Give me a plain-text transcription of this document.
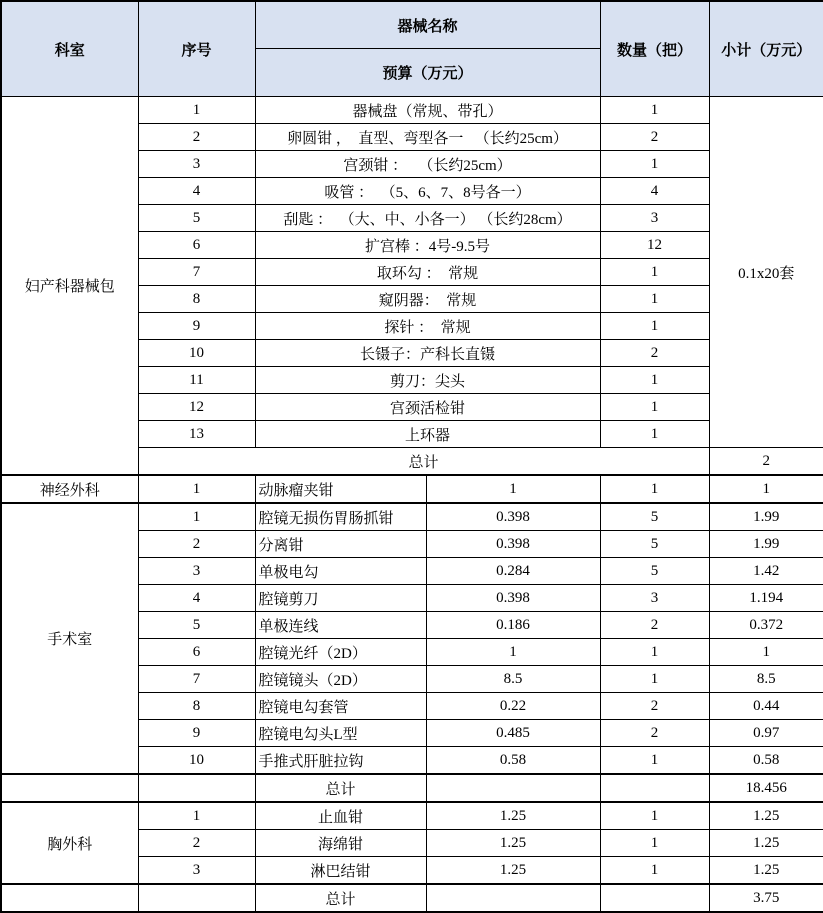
科室	序号	器械名称		数量（把）	小计（万元）
		预算（万元）			
妇产科器械包	1	器械盘（常规、带孔）		1	0.1x20套
	2	卵圆钳 ，  直型、弯型各一   （长约25cm）		2	
	3	宫颈钳 ：   （长约25cm）		1	
	4	吸管 ：  （5、6、7、8号各一）		4	
	5	刮匙 ：  （大、中、小各一） （长约28cm）		3	
	6	扩宫棒 ：4号-9.5号		12	
	7	取环勾 ：  常规		1	
	8	窥阴器：  常规		1	
	9	探针 ：  常规		1	
	10	长镊子：产科长直镊		2	
	11	剪刀：尖头		1	
	12	宫颈活检钳		1	
	13	上环器		1	
	总计				2
神经外科	1	动脉瘤夹钳	1	1	1
手术室	1	腔镜无损伤胃肠抓钳	0.398	5	1.99
	2	分离钳	0.398	5	1.99
	3	单极电勾	0.284	5	1.42
	4	腔镜剪刀	0.398	3	1.194
	5	单极连线	0.186	2	0.372
	6	腔镜光纤（2D）	1	1	1
	7	腔镜镜头（2D）	8.5	1	8.5
	8	腔镜电勾套管	0.22	2	0.44
	9	腔镜电勾头L型	0.485	2	0.97
	10	手推式肝脏拉钩	0.58	1	0.58
		总计			18.456
胸外科	1	止血钳	1.25	1	1.25
	2	海绵钳	1.25	1	1.25
	3	淋巴结钳	1.25	1	1.25
		总计			3.75
